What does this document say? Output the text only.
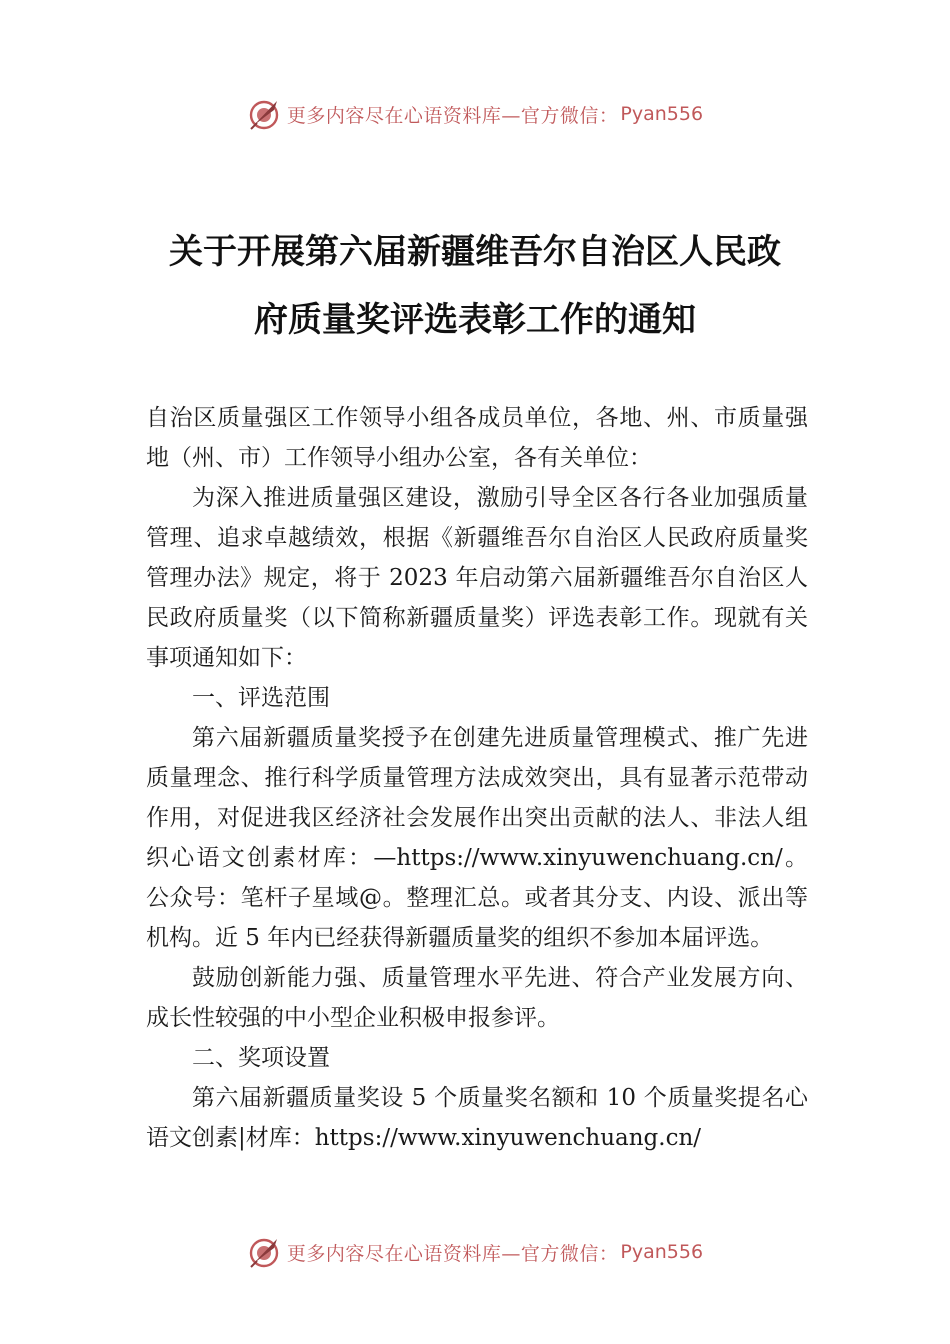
更多内容尽在心语资料库—官方微信： Pyan556
关于开展第六届新疆维吾尔自治区人民政
府质量奖评选表彰工作的通知

自治区质量强区工作领导小组各成员单位，各地、州、市质量强地（州、市）工作领导小组办公室，各有关单位：

为深入推进质量强区建设，激励引导全区各行各业加强质量管理、追求卓越绩效，根据《新疆维吾尔自治区人民政府质量奖管理办法》规定，将于 2023 年启动第六届新疆维吾尔自治区人民政府质量奖（以下简称新疆质量奖）评选表彰工作。现就有关事项通知如下：

一、评选范围

第六届新疆质量奖授予在创建先进质量管理模式、推广先进质量理念、推行科学质量管理方法成效突出，具有显著示范带动作用，对促进我区经济社会发展作出突出贡献的法人、非法人组织心语文创素材库：—https://www.xinyuwenchuang.cn/。公众号：笔杆子星域@。整理汇总。或者其分支、内设、派出等机构。近 5 年内已经获得新疆质量奖的组织不参加本届评选。

鼓励创新能力强、质量管理水平先进、符合产业发展方向、成长性较强的中小型企业积极申报参评。

二、奖项设置

第六届新疆质量奖设 5 个质量奖名额和 10 个质量奖提名心语文创素|材库：https://www.xinyuwenchuang.cn/

更多内容尽在心语资料库—官方微信： Pyan556
